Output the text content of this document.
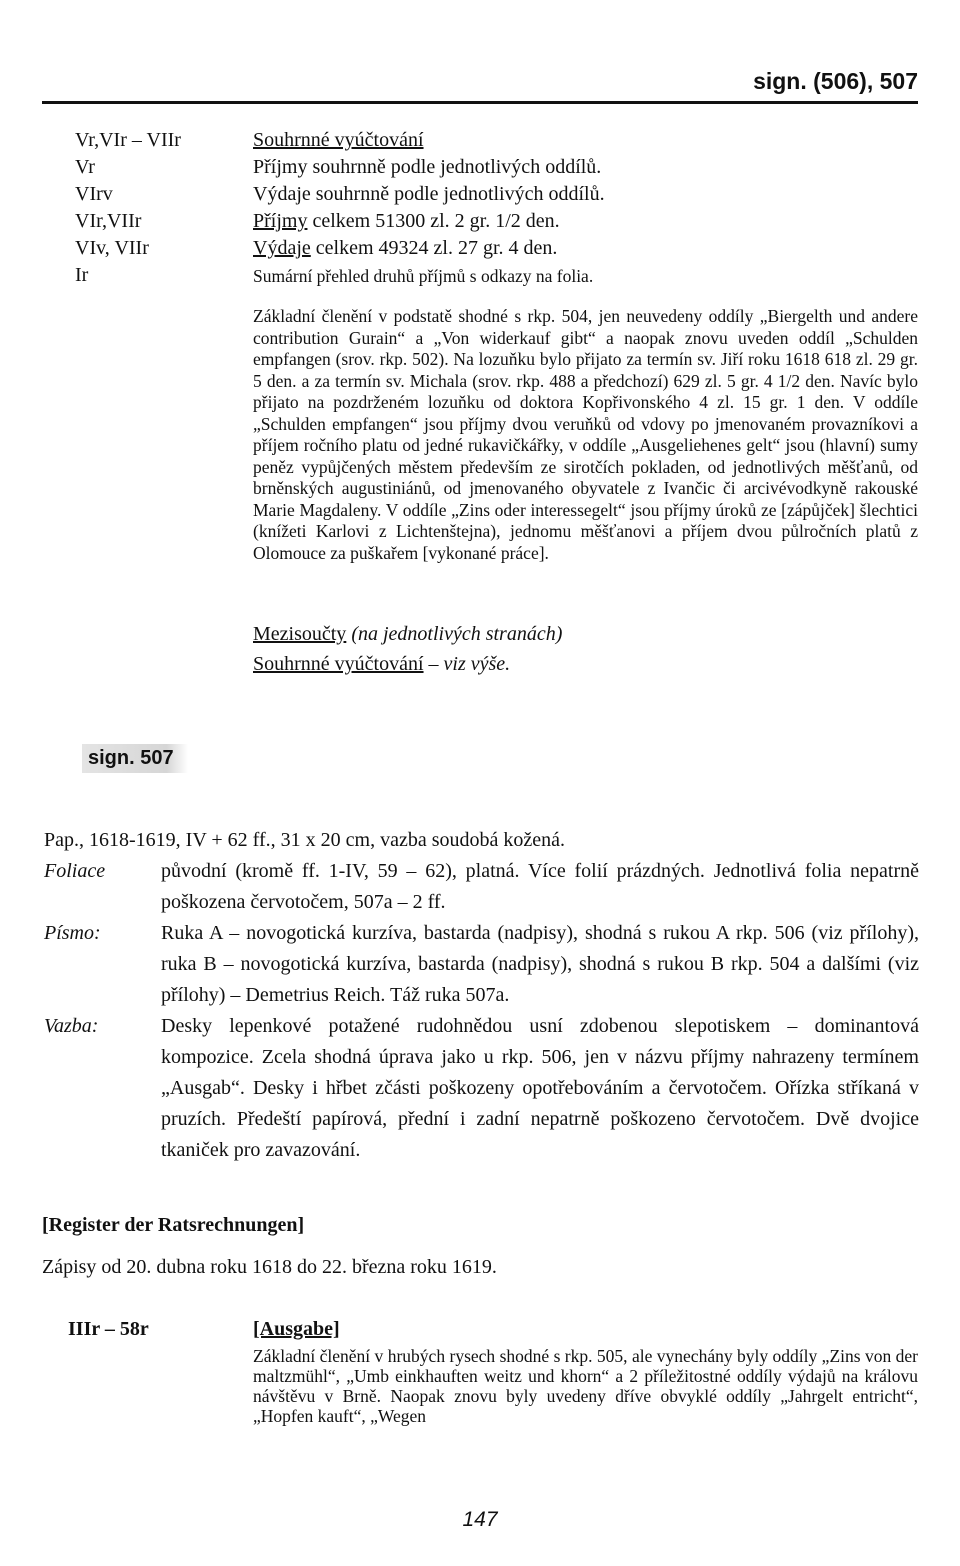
sign. (506), 507
Vr,VIr – VIIr	Souhrnné vyúčtování
Vr	Příjmy souhrnně podle jednotlivých oddílů.
VIrv	Výdaje souhrnně podle jednotlivých oddílů.
VIr,VIIr	Příjmy celkem 51300 zl. 2 gr. 1/2 den.
VIv, VIIr	Výdaje celkem 49324 zl. 27 gr. 4 den.
Ir	Sumární přehled druhů příjmů s odkazy na folia.
Základní členění v podstatě shodné s rkp. 504, jen neuvedeny oddíly „Biergelth und andere contribution Gurain“ a „Von widerkauf gibt“ a naopak znovu uveden oddíl „Schulden empfangen (srov. rkp. 502). Na lozuňku bylo přijato za termín sv. Jiří roku 1618 618 zl. 29 gr. 5 den. a za termín sv. Michala (srov. rkp. 488 a předchozí) 629 zl. 5 gr. 4 1/2 den. Navíc bylo přijato na pozdrženém lozuňku od doktora Kopřivonského 4 zl. 15 gr. 1 den. V oddíle „Schulden empfangen“ jsou příjmy dvou veruňků od vdovy po jmenovaném provazníkovi a příjem ročního platu od jedné rukavičkářky, v oddíle „Ausgeliehenes gelt“ jsou (hlavní) sumy peněz vypůjčených městem především ze sirotčích pokladen, od jednotlivých měšťanů, od brněnských augustiniánů, od jmenovaného obyvatele z Ivančic či arcivévodkyně rakouské Marie Magdaleny. V oddíle „Zins oder interessegelt“ jsou příjmy úroků ze [zápůjček] šlechtici (knížeti Karlovi z Lichtenštejna), jednomu měšťanovi a příjem dvou půlročních platů z Olomouce za puškařem [vykonané práce].
Mezisoučty (na jednotlivých stranách)
Souhrnné vyúčtování – viz výše.
sign. 507
Pap., 1618-1619, IV + 62 ff., 31 x 20 cm, vazba soudobá kožená.
Foliace	původní (kromě ff. 1-IV, 59 – 62), platná. Více folií prázdných. Jednotlivá folia nepatrně poškozena červotočem, 507a – 2 ff.
Písmo:	Ruka A – novogotická kurzíva, bastarda (nadpisy), shodná s rukou A rkp. 506 (viz přílohy), ruka B – novogotická kurzíva, bastarda (nadpisy), shodná s rukou B rkp. 504 a dalšími (viz přílohy) – Demetrius Reich. Táž ruka 507a.
Vazba:	Desky lepenkové potažené rudohnědou usní zdobenou slepotiskem – dominantová kompozice. Zcela shodná úprava jako u rkp. 506, jen v názvu příjmy nahrazeny termínem „Ausgab“. Desky i hřbet zčásti poškozeny opotřebováním a červotočem. Ořízka stříkaná v pruzích. Předeští papírová, přední i zadní nepatrně poškozeno červotočem. Dvě dvojice tkaniček pro zavazování.
[Register der Ratsrechnungen]
Zápisy od 20. dubna roku 1618 do 22. března roku 1619.
IIIr – 58r	[Ausgabe]
Základní členění v hrubých rysech shodné s rkp. 505, ale vynechány byly oddíly „Zins von der maltzmühl“, „Umb einkhauften weitz und khorn“ a 2 příležitostné oddíly výdajů na královu návštěvu v Brně. Naopak znovu byly uvedeny dříve obvyklé oddíly „Jahrgelt entricht“, „Hopfen kauft“, „Wegen
147
